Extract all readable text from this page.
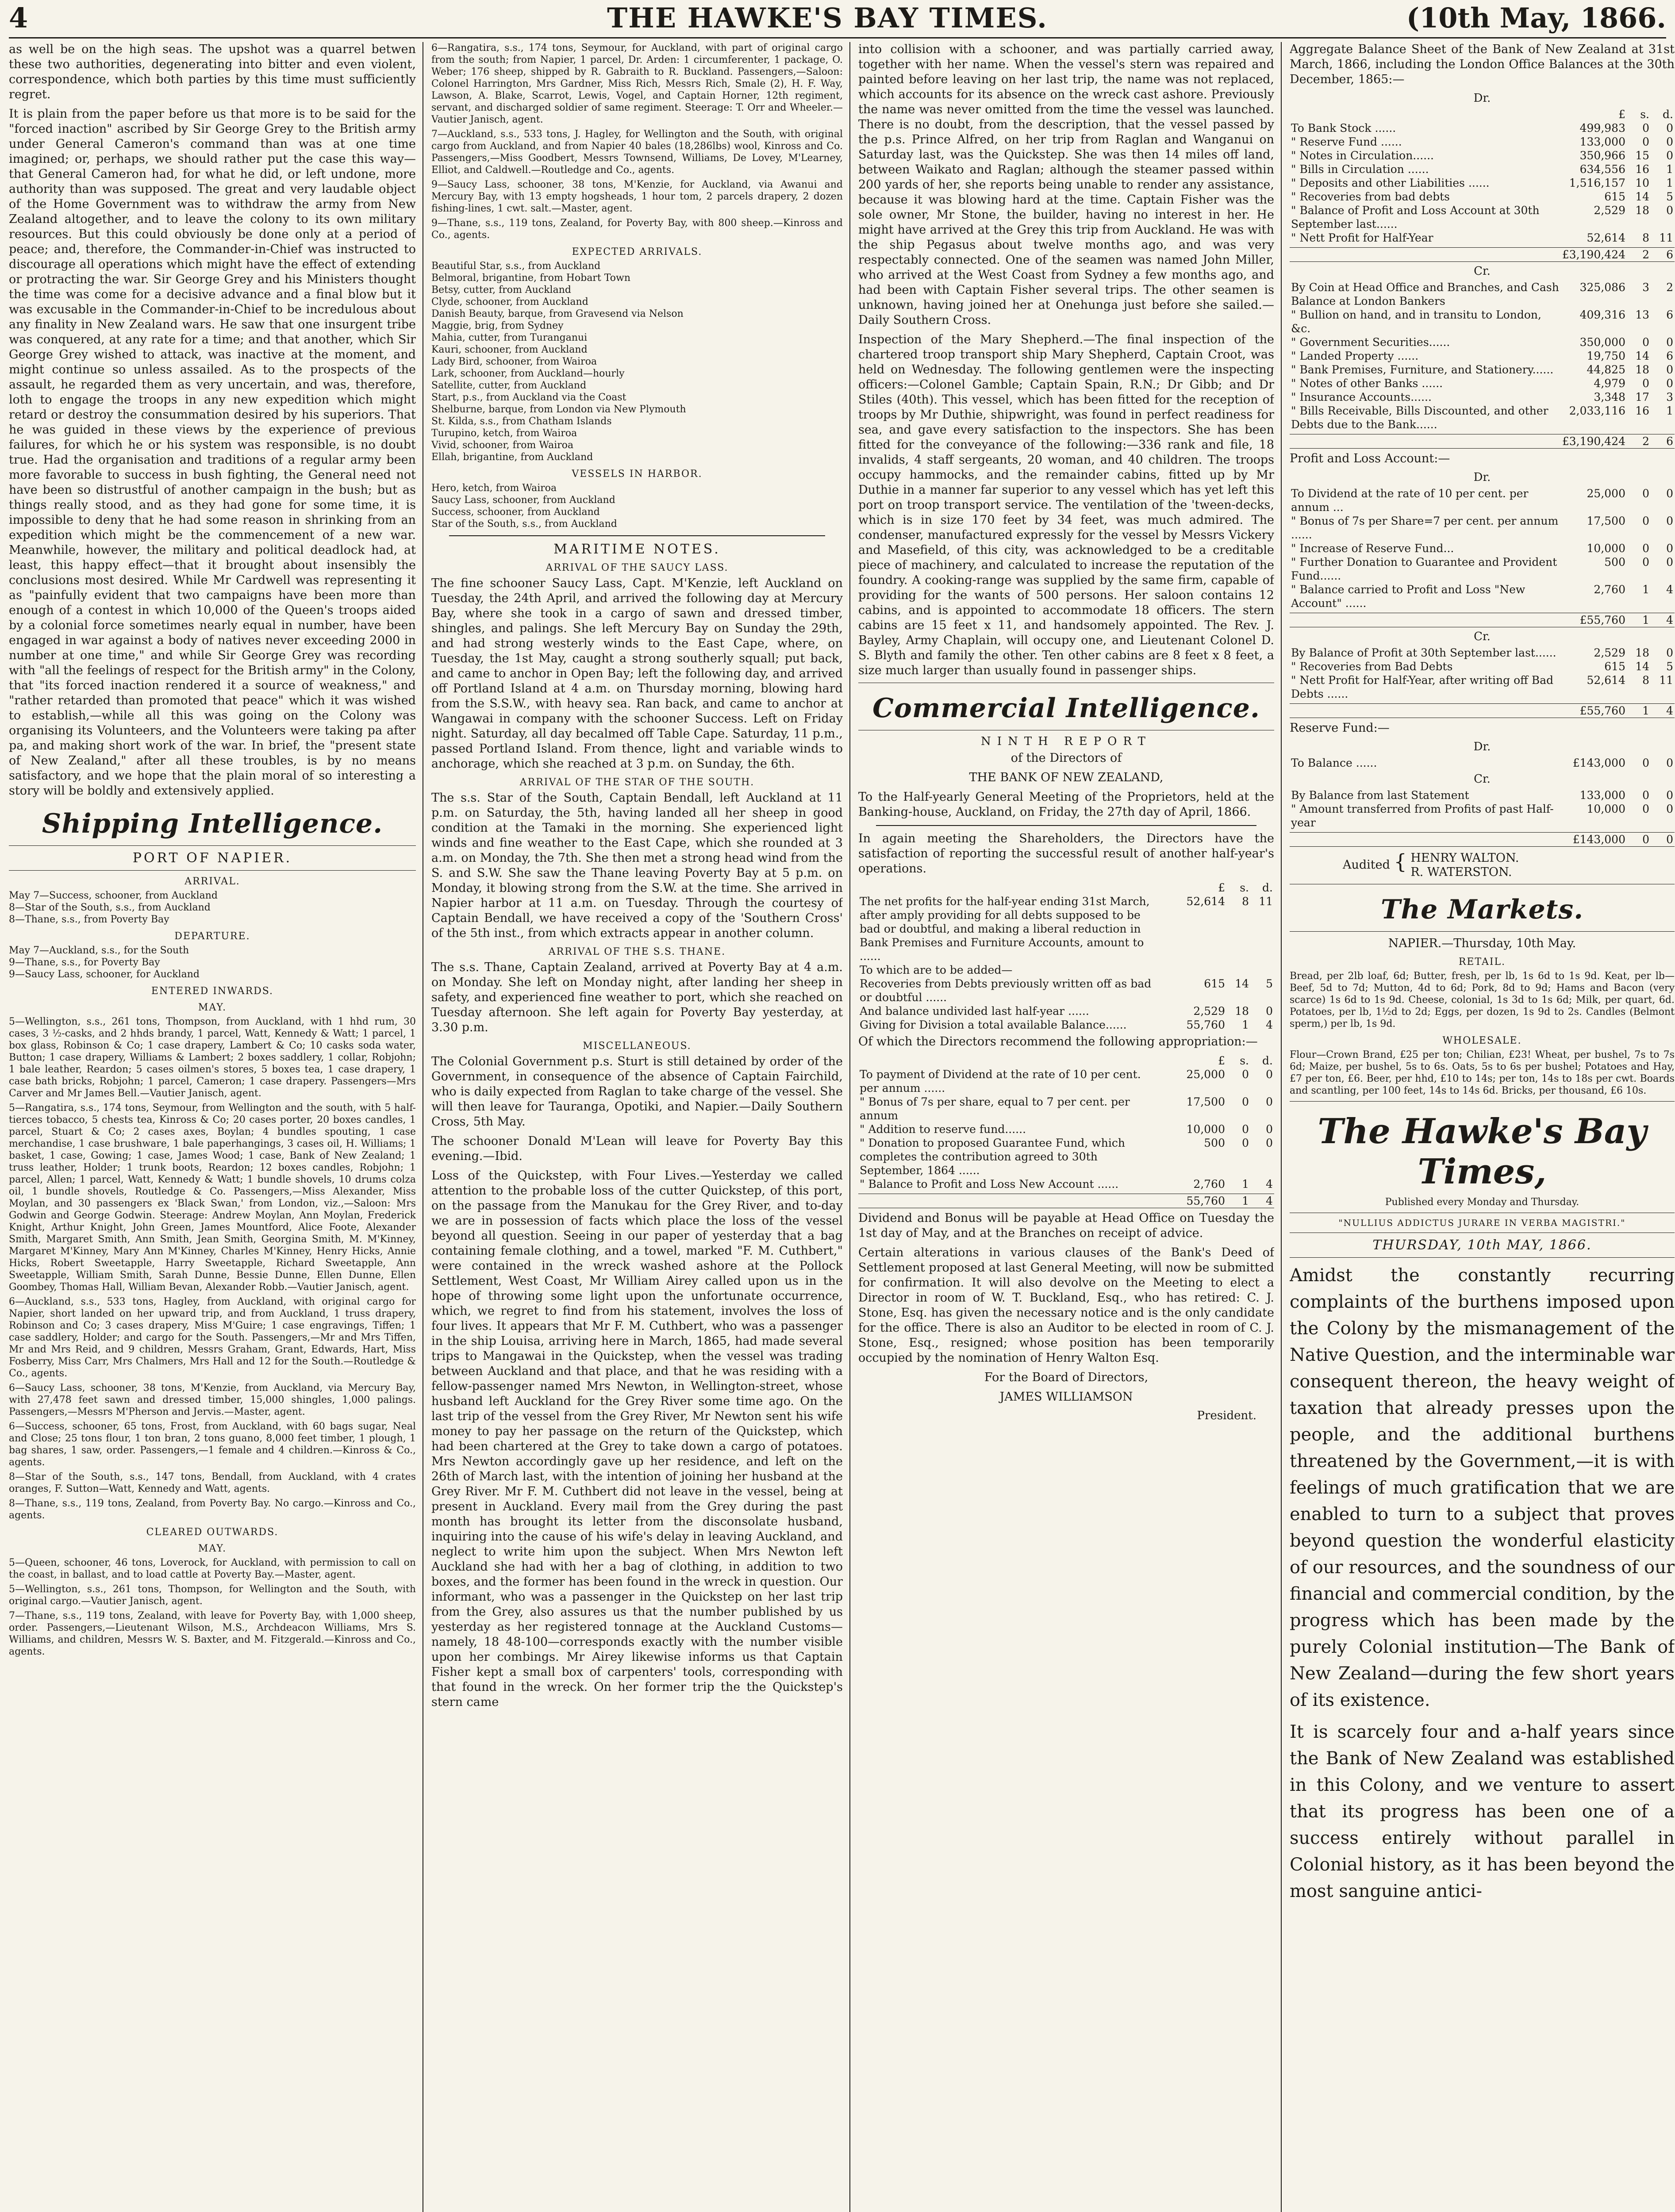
4	THE HAWKE'S BAY TIMES.	(10th May, 1866.

as well be on the high seas. The upshot was a quarrel betwen these two authorities, degenerating into bitter and even violent, correspondence, which both parties by this time must sufficiently regret.

It is plain from the paper before us that more is to be said for the "forced inaction" ascribed by Sir George Grey to the British army under General Cameron's command than was at one time imagined; or, perhaps, we should rather put the case this way—that General Cameron had, for what he did, or left undone, more authority than was supposed. The great and very laudable object of the Home Government was to withdraw the army from New Zealand altogether, and to leave the colony to its own military resources. But this could obviously be done only at a period of peace; and, therefore, the Commander-in-Chief was instructed to discourage all operations which might have the effect of extending or protracting the war. Sir George Grey and his Ministers thought the time was come for a decisive advance and a final blow but it was excusable in the Commander-in-Chief to be incredulous about any finality in New Zealand wars. He saw that one insurgent tribe was conquered, at any rate for a time; and that another, which Sir George Grey wished to attack, was inactive at the moment, and might continue so unless assailed. As to the prospects of the assault, he regarded them as very uncertain, and was, therefore, loth to engage the troops in any new expedition which might retard or destroy the consummation desired by his superiors. That he was guided in these views by the experience of previous failures, for which he or his system was responsible, is no doubt true. Had the organisation and traditions of a regular army been more favorable to success in bush fighting, the General need not have been so distrustful of another campaign in the bush; but as things really stood, and as they had gone for some time, it is impossible to deny that he had some reason in shrinking from an expedition which might be the commencement of a new war. Meanwhile, however, the military and political deadlock had, at least, this happy effect—that it brought about insensibly the conclusions most desired. While Mr Cardwell was representing it as "painfully evident that two campaigns have been more than enough of a contest in which 10,000 of the Queen's troops aided by a colonial force sometimes nearly equal in number, have been engaged in war against a body of natives never exceeding 2000 in number at one time," and while Sir George Grey was recording with "all the feelings of respect for the British army" in the Colony, that "its forced inaction rendered it a source of weakness," and "rather retarded than promoted that peace" which it was wished to establish,—while all this was going on the Colony was organising its Volunteers, and the Volunteers were taking pa after pa, and making short work of the war. In brief, the "present state of New Zealand," after all these troubles, is by no means satisfactory, and we hope that the plain moral of so interesting a story will be boldly and extensively applied.

Shipping Intelligence.
PORT OF NAPIER.
ARRIVAL.
May 7—Success, schooner, from Auckland
8—Star of the South, s.s., from Auckland
8—Thane, s.s., from Poverty Bay
DEPARTURE.
May 7—Auckland, s.s., for the South
9—Thane, s.s., for Poverty Bay
9—Saucy Lass, schooner, for Auckland
ENTERED INWARDS.
MAY.
5—Wellington, s.s., 261 tons, Thompson, from Auckland, with 1 hhd rum, 30 cases, 3 ½-casks, and 2 hhds brandy, 1 parcel, Watt, Kennedy & Watt; 1 parcel, 1 box glass, Robinson & Co; 1 case drapery, Lambert & Co; 10 casks soda water, Button; 1 case drapery, Williams & Lambert; 2 boxes saddlery, 1 collar, Robjohn; 1 bale leather, Reardon; 5 cases oilmen's stores, 5 boxes tea, 1 case drapery, 1 case bath bricks, Robjohn; 1 parcel, Cameron; 1 case drapery. Passengers—Mrs Carver and Mr James Bell.—Vautier Janisch, agent.
5—Rangatira, s.s., 174 tons, Seymour, from Wellington and the south, with 5 half-tierces tobacco, 5 chests tea, Kinross & Co; 20 cases porter, 20 boxes candles, 1 parcel, Stuart & Co; 2 cases axes, Boylan; 4 bundles spouting, 1 case merchandise, 1 case brushware, 1 bale paperhangings, 3 cases oil, H. Williams; 1 basket, 1 case, Gowing; 1 case, James Wood; 1 case, Bank of New Zealand; 1 truss leather, Holder; 1 trunk boots, Reardon; 12 boxes candles, Robjohn; 1 parcel, Allen; 1 parcel, Watt, Kennedy & Watt; 1 bundle shovels, 10 drums colza oil, 1 bundle shovels, Routledge & Co. Passengers,—Miss Alexander, Miss Moylan, and 30 passengers ex 'Black Swan,' from London, viz.,—Saloon: Mrs Godwin and George Godwin. Steerage: Andrew Moylan, Ann Moylan, Frederick Knight, Arthur Knight, John Green, James Mountford, Alice Foote, Alexander Smith, Margaret Smith, Ann Smith, Jean Smith, Georgina Smith, M. M'Kinney, Margaret M'Kinney, Mary Ann M'Kinney, Charles M'Kinney, Henry Hicks, Annie Hicks, Robert Sweetapple, Harry Sweetapple, Richard Sweetapple, Ann Sweetapple, William Smith, Sarah Dunne, Bessie Dunne, Ellen Dunne, Ellen Goombey, Thomas Hall, William Bevan, Alexander Robb.—Vautier Janisch, agent.
6—Auckland, s.s., 533 tons, Hagley, from Auckland, with original cargo for Napier, short landed on her upward trip, and from Auckland, 1 truss drapery, Robinson and Co; 3 cases drapery, Miss M'Guire; 1 case engravings, Tiffen; 1 case saddlery, Holder; and cargo for the South. Passengers,—Mr and Mrs Tiffen, Mr and Mrs Reid, and 9 children, Messrs Graham, Grant, Edwards, Hart, Miss Fosberry, Miss Carr, Mrs Chalmers, Mrs Hall and 12 for the South.—Routledge & Co., agents.
6—Saucy Lass, schooner, 38 tons, M'Kenzie, from Auckland, via Mercury Bay, with 27,478 feet sawn and dressed timber, 15,000 shingles, 1,000 palings. Passengers,—Messrs M'Pherson and Jervis.—Master, agent.
6—Success, schooner, 65 tons, Frost, from Auckland, with 60 bags sugar, Neal and Close; 25 tons flour, 1 ton bran, 2 tons guano, 8,000 feet timber, 1 plough, 1 bag shares, 1 saw, order. Passengers,—1 female and 4 children.—Kinross & Co., agents.
8—Star of the South, s.s., 147 tons, Bendall, from Auckland, with 4 crates oranges, F. Sutton—Watt, Kennedy and Watt, agents.
8—Thane, s.s., 119 tons, Zealand, from Poverty Bay. No cargo.—Kinross and Co., agents.
CLEARED OUTWARDS.
MAY.
5—Queen, schooner, 46 tons, Loverock, for Auckland, with permission to call on the coast, in ballast, and to load cattle at Poverty Bay.—Master, agent.
5—Wellington, s.s., 261 tons, Thompson, for Wellington and the South, with original cargo.—Vautier Janisch, agent.
7—Thane, s.s., 119 tons, Zealand, with leave for Poverty Bay, with 1,000 sheep, order. Passengers,—Lieutenant Wilson, M.S., Archdeacon Williams, Mrs S. Williams, and children, Messrs W. S. Baxter, and M. Fitzgerald.—Kinross and Co., agents.
6—Rangatira, s.s., 174 tons, Seymour, for Auckland, with part of original cargo from the south; from Napier, 1 parcel, Dr. Arden: 1 circumferenter, 1 package, O. Weber; 176 sheep, shipped by R. Gabraith to R. Buckland. Passengers,—Saloon: Colonel Harrington, Mrs Gardner, Miss Rich, Messrs Rich, Smale (2), H. F. Way, Lawson, A. Blake, Scarrot, Lewis, Vogel, and Captain Horner, 12th regiment, servant, and discharged soldier of same regiment. Steerage: T. Orr and Wheeler.—Vautier Janisch, agent.
7—Auckland, s.s., 533 tons, J. Hagley, for Wellington and the South, with original cargo from Auckland, and from Napier 40 bales (18,286lbs) wool, Kinross and Co. Passengers,—Miss Goodbert, Messrs Townsend, Williams, De Lovey, M'Learney, Elliot, and Caldwell.—Routledge and Co., agents.
9—Saucy Lass, schooner, 38 tons, M'Kenzie, for Auckland, via Awanui and Mercury Bay, with 13 empty hogsheads, 1 hour tom, 2 parcels drapery, 2 dozen fishing-lines, 1 cwt. salt.—Master, agent.
9—Thane, s.s., 119 tons, Zealand, for Poverty Bay, with 800 sheep.—Kinross and Co., agents.
EXPECTED ARRIVALS.
Beautiful Star, s.s., from Auckland
Belmoral, brigantine, from Hobart Town
Betsy, cutter, from Auckland
Clyde, schooner, from Auckland
Danish Beauty, barque, from Gravesend via Nelson
Maggie, brig, from Sydney
Mahia, cutter, from Turanganui
Kauri, schooner, from Auckland
Lady Bird, schooner, from Wairoa
Lark, schooner, from Auckland—hourly
Satellite, cutter, from Auckland
Start, p.s., from Auckland via the Coast
Shelburne, barque, from London via New Plymouth
St. Kilda, s.s., from Chatham Islands
Turupino, ketch, from Wairoa
Vivid, schooner, from Wairoa
Ellah, brigantine, from Auckland
VESSELS IN HARBOR.
Hero, ketch, from Wairoa
Saucy Lass, schooner, from Auckland
Success, schooner, from Auckland
Star of the South, s.s., from Auckland
MARITIME NOTES.
ARRIVAL OF THE SAUCY LASS.

The fine schooner Saucy Lass, Capt. M'Kenzie, left Auckland on Tuesday, the 24th April, and arrived the following day at Mercury Bay, where she took in a cargo of sawn and dressed timber, shingles, and palings. She left Mercury Bay on Sunday the 29th, and had strong westerly winds to the East Cape, where, on Tuesday, the 1st May, caught a strong southerly squall; put back, and came to anchor in Open Bay; left the following day, and arrived off Portland Island at 4 a.m. on Thursday morning, blowing hard from the S.S.W., with heavy sea. Ran back, and came to anchor at Wangawai in company with the schooner Success. Left on Friday night. Saturday, all day becalmed off Table Cape. Saturday, 11 p.m., passed Portland Island. From thence, light and variable winds to anchorage, which she reached at 3 p.m. on Sunday, the 6th.

ARRIVAL OF THE STAR OF THE SOUTH.

The s.s. Star of the South, Captain Bendall, left Auckland at 11 p.m. on Saturday, the 5th, having landed all her sheep in good condition at the Tamaki in the morning. She experienced light winds and fine weather to the East Cape, which she rounded at 3 a.m. on Monday, the 7th. She then met a strong head wind from the S. and S.W. She saw the Thane leaving Poverty Bay at 5 p.m. on Monday, it blowing strong from the S.W. at the time. She arrived in Napier harbor at 11 a.m. on Tuesday. Through the courtesy of Captain Bendall, we have received a copy of the 'Southern Cross' of the 5th inst., from which extracts appear in another column.

ARRIVAL OF THE S.S. THANE.

The s.s. Thane, Captain Zealand, arrived at Poverty Bay at 4 a.m. on Monday. She left on Monday night, after landing her sheep in safety, and experienced fine weather to port, which she reached on Tuesday afternoon. She left again for Poverty Bay yesterday, at 3.30 p.m.

MISCELLANEOUS.

The Colonial Government p.s. Sturt is still detained by order of the Government, in consequence of the absence of Captain Fairchild, who is daily expected from Raglan to take charge of the vessel. She will then leave for Tauranga, Opotiki, and Napier.—Daily Southern Cross, 5th May.

The schooner Donald M'Lean will leave for Poverty Bay this evening.—Ibid.

Loss of the Quickstep, with Four Lives.—Yesterday we called attention to the probable loss of the cutter Quickstep, of this port, on the passage from the Manukau for the Grey River, and to-day we are in possession of facts which place the loss of the vessel beyond all question. Seeing in our paper of yesterday that a bag containing female clothing, and a towel, marked "F. M. Cuthbert," were contained in the wreck washed ashore at the Pollock Settlement, West Coast, Mr William Airey called upon us in the hope of throwing some light upon the unfortunate occurrence, which, we regret to find from his statement, involves the loss of four lives. It appears that Mr F. M. Cuthbert, who was a passenger in the ship Louisa, arriving here in March, 1865, had made several trips to Mangawai in the Quickstep, when the vessel was trading between Auckland and that place, and that he was residing with a fellow-passenger named Mrs Newton, in Wellington-street, whose husband left Auckland for the Grey River some time ago. On the last trip of the vessel from the Grey River, Mr Newton sent his wife money to pay her passage on the return of the Quickstep, which had been chartered at the Grey to take down a cargo of potatoes. Mrs Newton accordingly gave up her residence, and left on the 26th of March last, with the intention of joining her husband at the Grey River. Mr F. M. Cuthbert did not leave in the vessel, being at present in Auckland. Every mail from the Grey during the past month has brought its letter from the disconsolate husband, inquiring into the cause of his wife's delay in leaving Auckland, and neglect to write him upon the subject. When Mrs Newton left Auckland she had with her a bag of clothing, in addition to two boxes, and the former has been found in the wreck in question. Our informant, who was a passenger in the Quickstep on her last trip from the Grey, also assures us that the number published by us yesterday as her registered tonnage at the Auckland Customs—namely, 18 48-100—corresponds exactly with the number visible upon her combings. Mr Airey likewise informs us that Captain Fisher kept a small box of carpenters' tools, corresponding with that found in the wreck. On her former trip the the Quickstep's stern came

into collision with a schooner, and was partially carried away, together with her name. When the vessel's stern was repaired and painted before leaving on her last trip, the name was not replaced, which accounts for its absence on the wreck cast ashore. Previously the name was never omitted from the time the vessel was launched. There is no doubt, from the description, that the vessel passed by the p.s. Prince Alfred, on her trip from Raglan and Wanganui on Saturday last, was the Quickstep. She was then 14 miles off land, between Waikato and Raglan; although the steamer passed within 200 yards of her, she reports being unable to render any assistance, because it was blowing hard at the time. Captain Fisher was the sole owner, Mr Stone, the builder, having no interest in her. He might have arrived at the Grey this trip from Auckland. He was with the ship Pegasus about twelve months ago, and was very respectably connected. One of the seamen was named John Miller, who arrived at the West Coast from Sydney a few months ago, and had been with Captain Fisher several trips. The other seamen is unknown, having joined her at Onehunga just before she sailed.—Daily Southern Cross.

Inspection of the Mary Shepherd.—The final inspection of the chartered troop transport ship Mary Shepherd, Captain Croot, was held on Wednesday. The following gentlemen were the inspecting officers:—Colonel Gamble; Captain Spain, R.N.; Dr Gibb; and Dr Stiles (40th). This vessel, which has been fitted for the reception of troops by Mr Duthie, shipwright, was found in perfect readiness for sea, and gave every satisfaction to the inspectors. She has been fitted for the conveyance of the following:—336 rank and file, 18 invalids, 4 staff sergeants, 20 woman, and 40 children. The troops occupy hammocks, and the remainder cabins, fitted up by Mr Duthie in a manner far superior to any vessel which has yet left this port on troop transport service. The ventilation of the 'tween-decks, which is in size 170 feet by 34 feet, was much admired. The condenser, manufactured expressly for the vessel by Messrs Vickery and Masefield, of this city, was acknowledged to be a creditable piece of machinery, and calculated to increase the reputation of the foundry. A cooking-range was supplied by the same firm, capable of providing for the wants of 500 persons. Her saloon contains 12 cabins, and is appointed to accommodate 18 officers. The stern cabins are 15 feet x 11, and handsomely appointed. The Rev. J. Bayley, Army Chaplain, will occupy one, and Lieutenant Colonel D. S. Blyth and family the other. Ten other cabins are 8 feet x 8 feet, a size much larger than usually found in passenger ships.

Commercial Intelligence.
NINTH REPORT
of the Directors of
THE BANK OF NEW ZEALAND,

To the Half-yearly General Meeting of the Proprietors, held at the Banking-house, Auckland, on Friday, the 27th day of April, 1866.

In again meeting the Shareholders, the Directors have the satisfaction of reporting the successful result of another half-year's operations.

	£	s.	d.
The net profits for the half-year ending 31st March, after amply providing for all debts supposed to be bad or doubtful, and making a liberal reduction in Bank Premises and Furniture Accounts, amount to ......	52,614	8	11
To which are to be added—			
Recoveries from Debts previously written off as bad or doubtful ......	615	14	5
And balance undivided last half-year ......	2,529	18	0
Giving for Division a total available Balance......	55,760	1	4

Of which the Directors recommend the following appropriation:—

	£	s.	d.
To payment of Dividend at the rate of 10 per cent. per annum ......	25,000	0	0
" Bonus of 7s per share, equal to 7 per cent. per annum	17,500	0	0
" Addition to reserve fund......	10,000	0	0
" Donation to proposed Guarantee Fund, which completes the contribution agreed to 30th September, 1864 ......	500	0	0
" Balance to Profit and Loss New Account ......	2,760	1	4
	55,760	1	4

Dividend and Bonus will be payable at Head Office on Tuesday the 1st day of May, and at the Branches on receipt of advice.

Certain alterations in various clauses of the Bank's Deed of Settlement proposed at last General Meeting, will now be submitted for confirmation. It will also devolve on the Meeting to elect a Director in room of W. T. Buckland, Esq., who has retired: C. J. Stone, Esq. has given the necessary notice and is the only candidate for the office. There is also an Auditor to be elected in room of C. J. Stone, Esq., resigned; whose position has been temporarily occupied by the nomination of Henry Walton Esq.

For the Board of Directors,
JAMES WILLIAMSON
President.

Aggregate Balance Sheet of the Bank of New Zealand at 31st March, 1866, including the London Office Balances at the 30th December, 1865:—

Dr.
	£	s.	d.
To Bank Stock ......	499,983	0	0
" Reserve Fund ......	133,000	0	0
" Notes in Circulation......	350,966	15	0
" Bills in Circulation ......	634,556	16	1
" Deposits and other Liabilities ......	1,516,157	10	1
" Recoveries from bad debts	615	14	5
" Balance of Profit and Loss Account at 30th September last......	2,529	18	0
" Nett Profit for Half-Year	52,614	8	11
	£3,190,424	2	6
Cr.
By Coin at Head Office and Branches, and Cash Balance at London Bankers	325,086	3	2
" Bullion on hand, and in transitu to London, &c.	409,316	13	6
" Government Securities......	350,000	0	0
" Landed Property ......	19,750	14	6
" Bank Premises, Furniture, and Stationery......	44,825	18	0
" Notes of other Banks ......	4,979	0	0
" Insurance Accounts......	3,348	17	3
" Bills Receivable, Bills Discounted, and other Debts due to the Bank......	2,033,116	16	1
	£3,190,424	2	6

Profit and Loss Account:—

Dr.
To Dividend at the rate of 10 per cent. per annum ...	25,000	0	0
" Bonus of 7s per Share=7 per cent. per annum ......	17,500	0	0
" Increase of Reserve Fund...	10,000	0	0
" Further Donation to Guarantee and Provident Fund......	500	0	0
" Balance carried to Profit and Loss "New Account" ......	2,760	1	4
	£55,760	1	4
Cr.
By Balance of Profit at 30th September last......	2,529	18	0
" Recoveries from Bad Debts	615	14	5
" Nett Profit for Half-Year, after writing off Bad Debts ......	52,614	8	11
	£55,760	1	4

Reserve Fund:—

Dr.
To Balance ......	£143,000	0	0
Cr.
By Balance from last Statement	133,000	0	0
" Amount transferred from Profits of past Half-year	10,000	0	0
	£143,000	0	0
Audited { HENRY WALTON.
R. WATERSTON.
The Markets.
NAPIER.—Thursday, 10th May.
RETAIL.

Bread, per 2lb loaf, 6d; Butter, fresh, per lb, 1s 6d to 1s 9d. Keat, per lb—Beef, 5d to 7d; Mutton, 4d to 6d; Pork, 8d to 9d; Hams and Bacon (very scarce) 1s 6d to 1s 9d. Cheese, colonial, 1s 3d to 1s 6d; Milk, per quart, 6d. Potatoes, per lb, 1½d to 2d; Eggs, per dozen, 1s 9d to 2s. Candles (Belmont sperm,) per lb, 1s 9d.

WHOLESALE.

Flour—Crown Brand, £25 per ton; Chilian, £23! Wheat, per bushel, 7s to 7s 6d; Maize, per bushel, 5s to 6s. Oats, 5s to 6s per bushel; Potatoes and Hay, £7 per ton, £6. Beer, per hhd, £10 to 14s; per ton, 14s to 18s per cwt. Boards and scantling, per 100 feet, 14s to 14s 6d. Bricks, per thousand, £6 10s.

The Hawke's Bay Times,
Published every Monday and Thursday.
"NULLIUS ADDICTUS JURARE IN VERBA MAGISTRI."
THURSDAY, 10th MAY, 1866.

Amidst the constantly recurring complaints of the burthens imposed upon the Colony by the mismanagement of the Native Question, and the interminable war consequent thereon, the heavy weight of taxation that already presses upon the people, and the additional burthens threatened by the Government,—it is with feelings of much gratification that we are enabled to turn to a subject that proves beyond question the wonderful elasticity of our resources, and the soundness of our financial and commercial condition, by the progress which has been made by the purely Colonial institution—The Bank of New Zealand—during the few short years of its existence.

It is scarcely four and a-half years since the Bank of New Zealand was established in this Colony, and we venture to assert that its progress has been one of a success entirely without parallel in Colonial history, as it has been beyond the most sanguine antici-
